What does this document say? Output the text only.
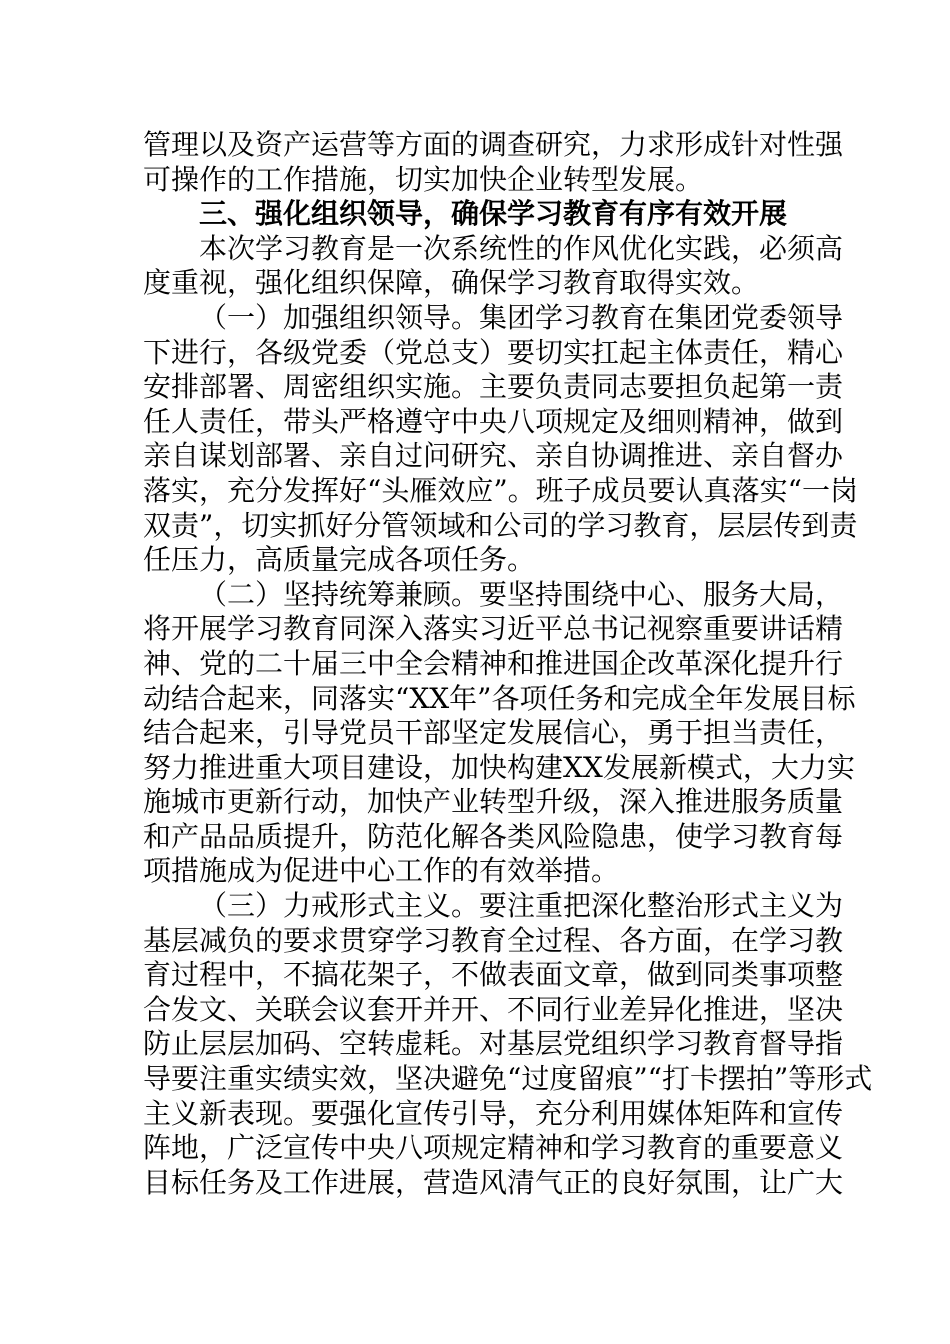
管理以及资产运营等方面的调查研究，力求形成针对性强
可操作的工作措施，切实加快企业转型发展。
三、强化组织领导，确保学习教育有序有效开展
本次学习教育是一次系统性的作风优化实践，必须高
度重视，强化组织保障，确保学习教育取得实效。
（一）加强组织领导。集团学习教育在集团党委领导
下进行，各级党委（党总支）要切实扛起主体责任，精心
安排部署、周密组织实施。主要负责同志要担负起第一责
任人责任，带头严格遵守中央八项规定及细则精神，做到
亲自谋划部署、亲自过问研究、亲自协调推进、亲自督办
落实，充分发挥好“头雁效应”。班子成员要认真落实“一岗
双责”，切实抓好分管领域和公司的学习教育，层层传到责
任压力，高质量完成各项任务。
（二）坚持统筹兼顾。要坚持围绕中心、服务大局，
将开展学习教育同深入落实习近平总书记视察重要讲话精
神、党的二十届三中全会精神和推进国企改革深化提升行
动结合起来，同落实“XX年”各项任务和完成全年发展目标
结合起来，引导党员干部坚定发展信心，勇于担当责任，
努力推进重大项目建设，加快构建XX发展新模式，大力实
施城市更新行动，加快产业转型升级，深入推进服务质量
和产品品质提升，防范化解各类风险隐患，使学习教育每
项措施成为促进中心工作的有效举措。
（三）力戒形式主义。要注重把深化整治形式主义为
基层减负的要求贯穿学习教育全过程、各方面，在学习教
育过程中，不搞花架子，不做表面文章，做到同类事项整
合发文、关联会议套开并开、不同行业差异化推进，坚决
防止层层加码、空转虚耗。对基层党组织学习教育督导指
导要注重实绩实效，坚决避免“过度留痕”“打卡摆拍”等形式
主义新表现。要强化宣传引导，充分利用媒体矩阵和宣传
阵地，广泛宣传中央八项规定精神和学习教育的重要意义
目标任务及工作进展，营造风清气正的良好氛围，让广大
